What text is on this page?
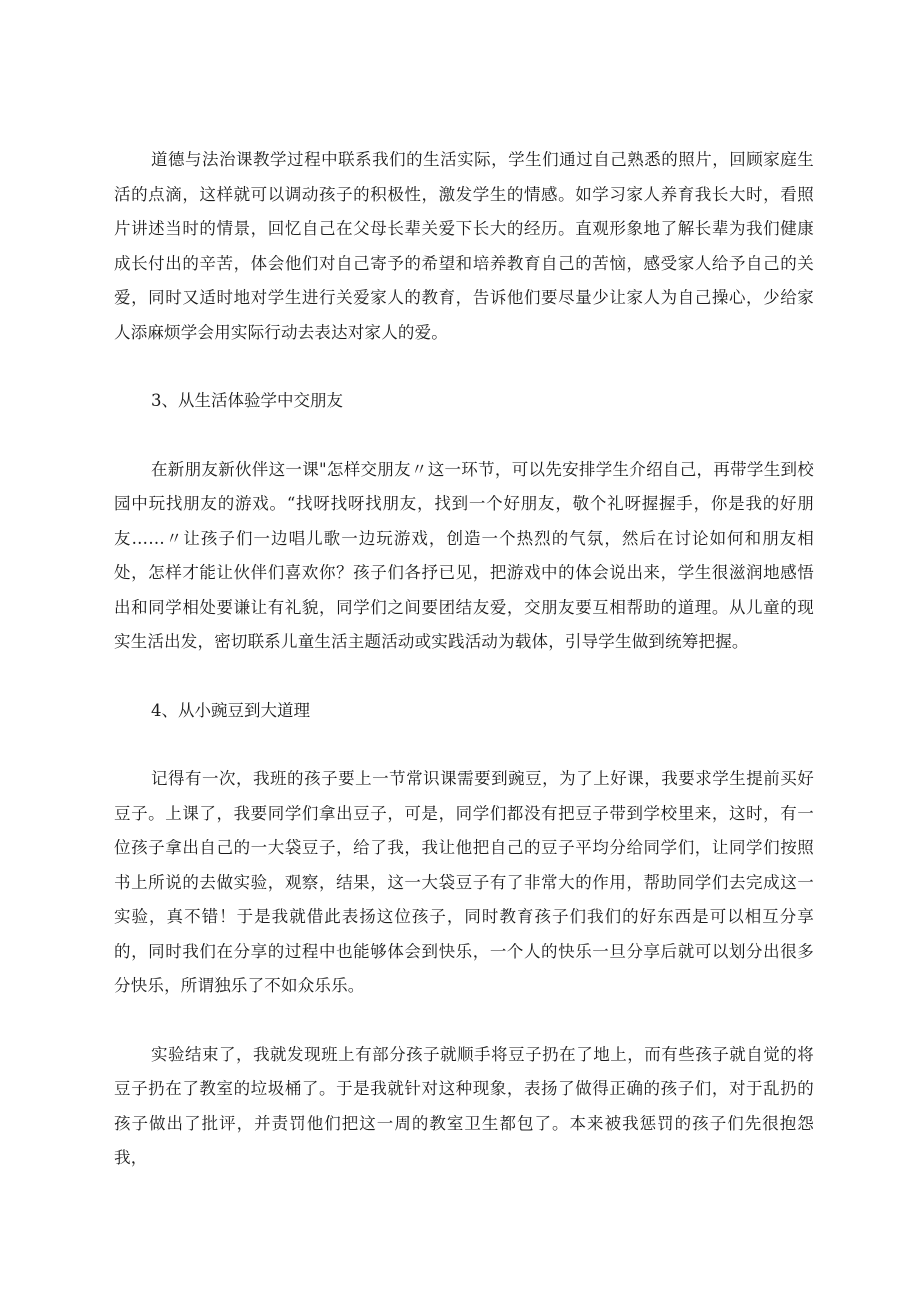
道德与法治课教学过程中联系我们的生活实际，学生们通过自己熟悉的照片，回顾家庭生活的点滴，这样就可以调动孩子的积极性，激发学生的情感。如学习家人养育我长大时，看照片讲述当时的情景，回忆自己在父母长辈关爱下长大的经历。直观形象地了解长辈为我们健康成长付出的辛苦，体会他们对自己寄予的希望和培养教育自己的苦恼，感受家人给予自己的关爱，同时又适时地对学生进行关爱家人的教育，告诉他们要尽量少让家人为自己操心，少给家人添麻烦学会用实际行动去表达对家人的爱。

3、从生活体验学中交朋友

在新朋友新伙伴这一课"怎样交朋友〃这一环节，可以先安排学生介绍自己，再带学生到校园中玩找朋友的游戏。“找呀找呀找朋友，找到一个好朋友，敬个礼呀握握手，你是我的好朋友……〃让孩子们一边唱儿歌一边玩游戏，创造一个热烈的气氛，然后在讨论如何和朋友相处，怎样才能让伙伴们喜欢你？孩子们各抒已见，把游戏中的体会说出来，学生很滋润地感悟出和同学相处要谦让有礼貌，同学们之间要团结友爱，交朋友要互相帮助的道理。从儿童的现实生活出发，密切联系儿童生活主题活动或实践活动为载体，引导学生做到统筹把握。

4、从小豌豆到大道理

记得有一次，我班的孩子要上一节常识课需要到豌豆，为了上好课，我要求学生提前买好豆子。上课了，我要同学们拿出豆子，可是，同学们都没有把豆子带到学校里来，这时，有一位孩子拿出自己的一大袋豆子，给了我，我让他把自己的豆子平均分给同学们，让同学们按照书上所说的去做实验，观察，结果，这一大袋豆子有了非常大的作用，帮助同学们去完成这一实验，真不错！于是我就借此表扬这位孩子，同时教育孩子们我们的好东西是可以相互分享的，同时我们在分享的过程中也能够体会到快乐，一个人的快乐一旦分享后就可以划分出很多分快乐，所谓独乐了不如众乐乐。

实验结束了，我就发现班上有部分孩子就顺手将豆子扔在了地上，而有些孩子就自觉的将豆子扔在了教室的垃圾桶了。于是我就针对这种现象，表扬了做得正确的孩子们，对于乱扔的孩子做出了批评，并责罚他们把这一周的教室卫生都包了。本来被我惩罚的孩子们先很抱怨我，
